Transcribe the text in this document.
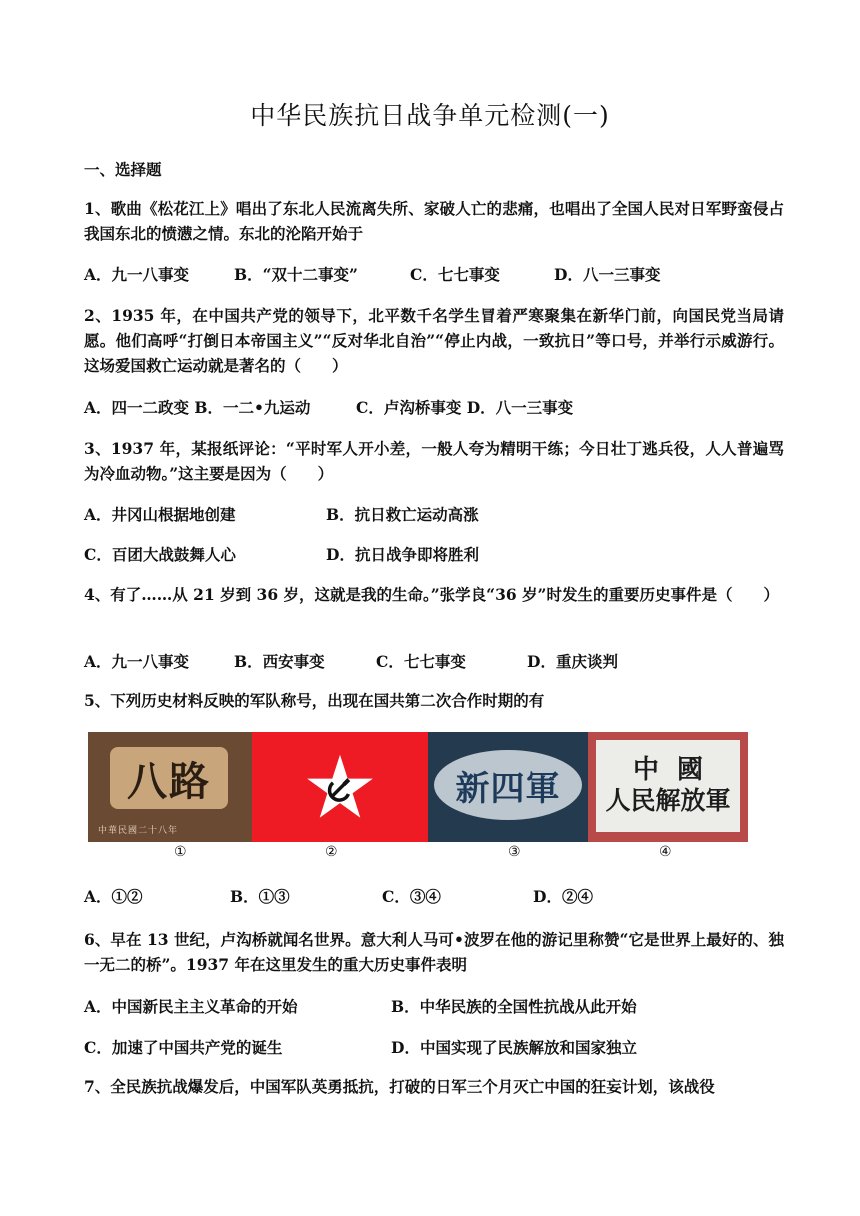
中华民族抗日战争单元检测(一)
一、选择题
1、歌曲《松花江上》唱出了东北人民流离失所、家破人亡的悲痛，也唱出了全国人民对日军野蛮侵占我国东北的愤懑之情。东北的沦陷开始于
A．九一八事变	B．“双十二事变”	C．七七事变	D．八一三事变
2、1935 年，在中国共产党的领导下，北平数千名学生冒着严寒聚集在新华门前，向国民党当局请愿。他们高呼“打倒日本帝国主义”“反对华北自治”“停止内战，一致抗日”等口号，并举行示威游行。这场爱国救亡运动就是著名的（　　）
A．四一二政变 B．一二•九运动	C．卢沟桥事变 D．八一三事变
3、1937 年，某报纸评论：“平时军人开小差，一般人夸为精明干练；今日壮丁逃兵役，人人普遍骂为冷血动物。”这主要是因为（　　）
A．井冈山根据地创建	B．抗日救亡运动高涨
C．百团大战鼓舞人心	D．抗日战争即将胜利
4、有了……从 21 岁到 36 岁，这就是我的生命。”张学良“36 岁”时发生的重要历史事件是（　　）
A．九一八事变	B．西安事变	C．七七事变	D．重庆谈判
5、下列历史材料反映的军队称号，出现在国共第二次合作时期的有
八路
中華民國二十八年
新四軍	中國
人民解放軍
①	②	③	④
A．①②	B．①③	C．③④	D．②④
6、早在 13 世纪，卢沟桥就闻名世界。意大利人马可•波罗在他的游记里称赞“它是世界上最好的、独一无二的桥”。1937 年在这里发生的重大历史事件表明
A．中国新民主主义革命的开始	B．中华民族的全国性抗战从此开始
C．加速了中国共产党的诞生	D．中国实现了民族解放和国家独立
7、全民族抗战爆发后，中国军队英勇抵抗，打破的日军三个月灭亡中国的狂妄计划，该战役
